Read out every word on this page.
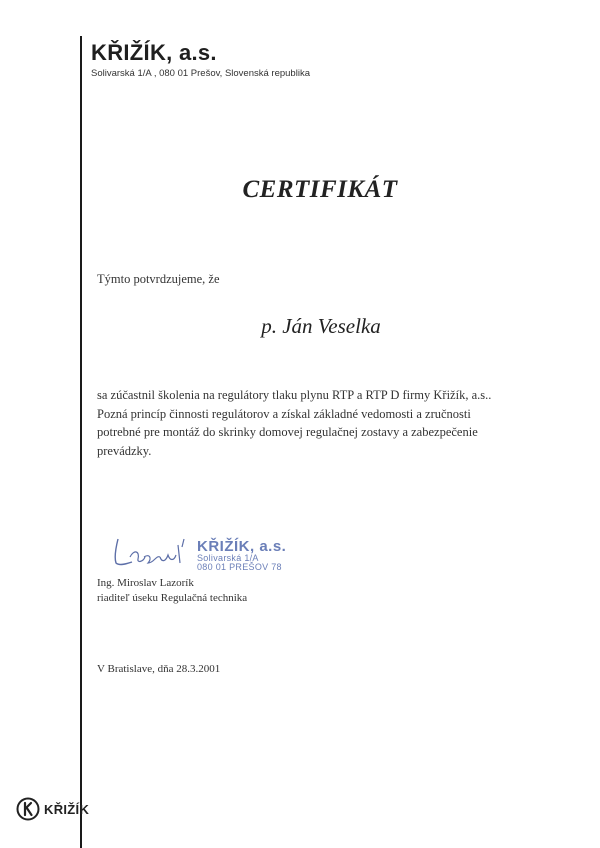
KŘIŽÍK, a.s.
Solivarská 1/A , 080 01 Prešov, Slovenská republika
CERTIFIKÁT
Týmto potvrdzujeme, že
p. Ján Veselka
sa zúčastnil školenia na regulátory tlaku plynu RTP a RTP D firmy Křižík, a.s..
Pozná princíp činnosti regulátorov a získal základné vedomosti a zručnosti
potrebné pre montáž do skrinky domovej regulačnej zostavy a zabezpečenie
prevádzky.
KŘIŽÍK, a.s.
Solivarská 1/A
080 01 PREŠOV 78
Ing. Miroslav Lazorík
riaditeľ úseku Regulačná technika
V Bratislave, dňa 28.3.2001
KŘIŽÍK
